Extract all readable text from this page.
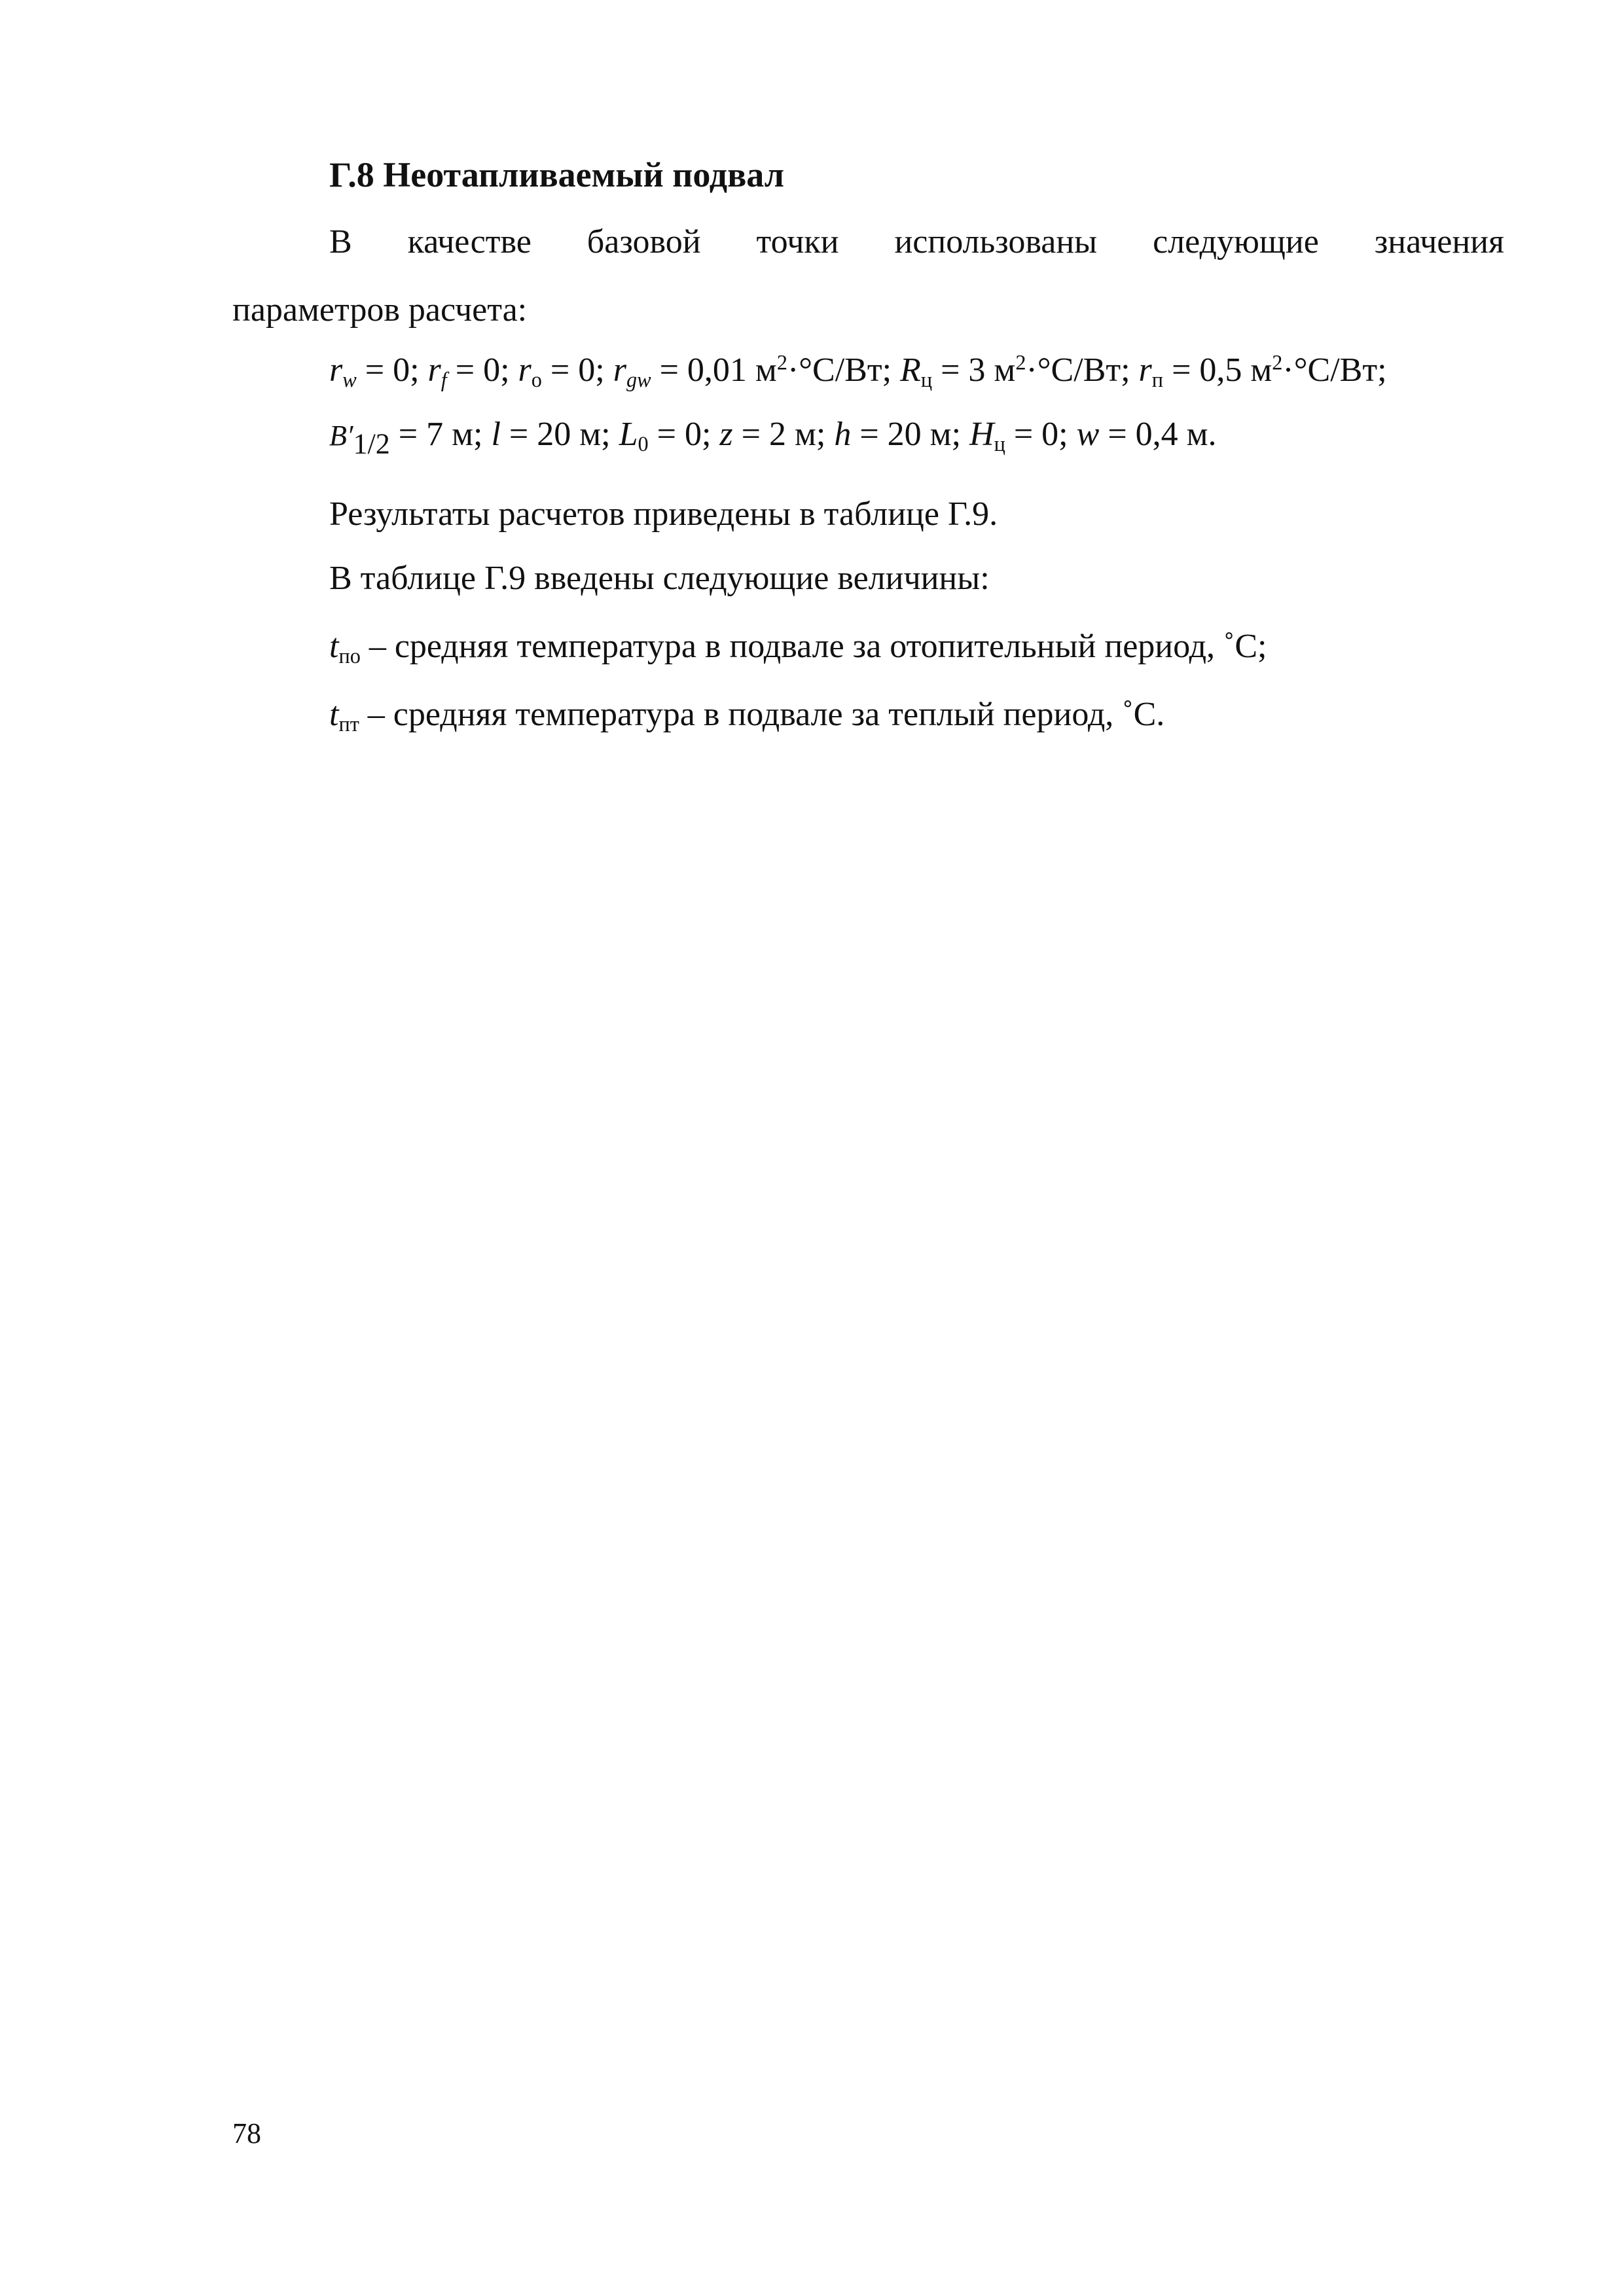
Г.8 Неотапливаемый подвал
В качестве базовой точки использованы следующие значения
параметров расчета:
$r_w = 0$; $r_f = 0$; $r_о = 0$; $r_{gw} = 0,01$ $м^2\cdot^\circ С/Вт$; $R_ц = 3$ $м^2\cdot^\circ С/Вт$; $r_п = 0,5$ $м^2\cdot^\circ С/Вт$;
$B'_{1/2} = 7$ м; l = 20 м; $L_0 = 0$; z = 2 м; h = 20 м; $H_ц = 0$; w = 0,4 м.
Результаты расчетов приведены в таблице Г.9.
В таблице Г.9 введены следующие величины:
$t_{по}$ – средняя температура в подвале за отопительный период, ˚С;
$t_{пт}$ – средняя температура в подвале за теплый период, ˚С.
78
